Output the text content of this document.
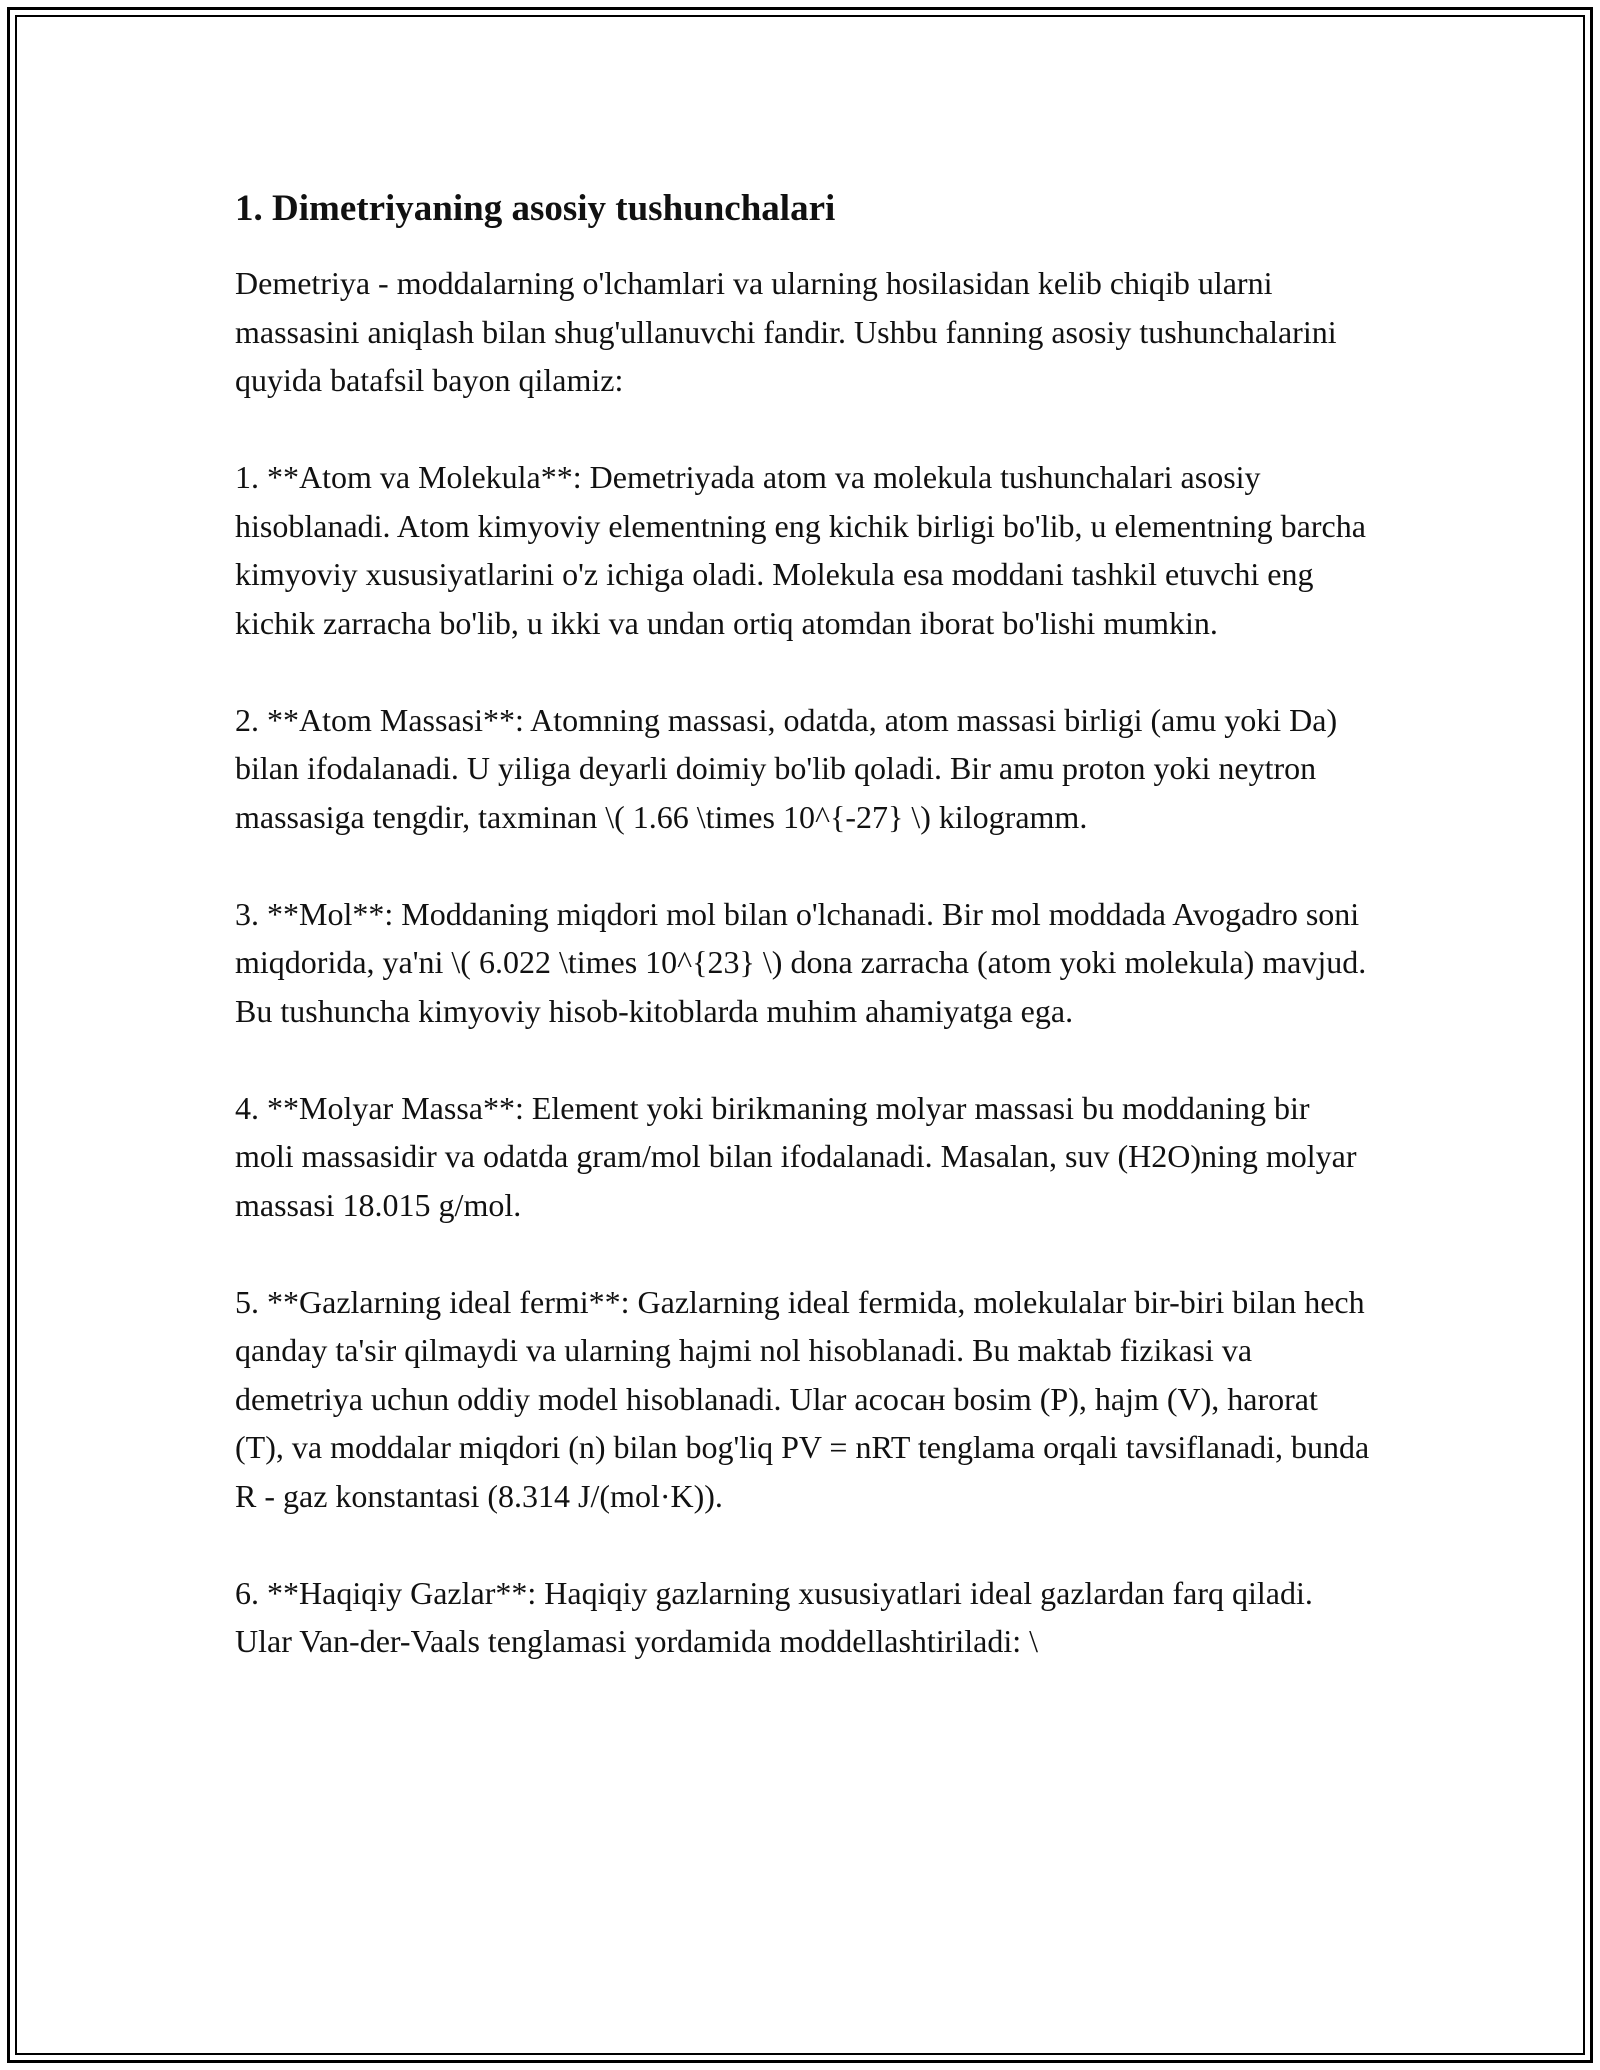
1. Dimetriyaning asosiy tushunchalari

Demetriya - moddalarning o'lchamlari va ularning hosilasidan kelib chiqib ularni massasini aniqlash bilan shug'ullanuvchi fandir. Ushbu fanning asosiy tushunchalarini quyida batafsil bayon qilamiz:

1. **Atom va Molekula**: Demetriyada atom va molekula tushunchalari asosiy hisoblanadi. Atom kimyoviy elementning eng kichik birligi bo'lib, u elementning barcha kimyoviy xususiyatlarini o'z ichiga oladi. Molekula esa moddani tashkil etuvchi eng kichik zarracha bo'lib, u ikki va undan ortiq atomdan iborat bo'lishi mumkin.

2. **Atom Massasi**: Atomning massasi, odatda, atom massasi birligi (amu yoki Da) bilan ifodalanadi. U yiliga deyarli doimiy bo'lib qoladi. Bir amu proton yoki neytron massasiga tengdir, taxminan \( 1.66 \times 10^{-27} \) kilogramm.

3. **Mol**: Moddaning miqdori mol bilan o'lchanadi. Bir mol moddada Avogadro soni miqdorida, ya'ni \( 6.022 \times 10^{23} \) dona zarracha (atom yoki molekula) mavjud. Bu tushuncha kimyoviy hisob-kitoblarda muhim ahamiyatga ega.

4. **Molyar Massa**: Element yoki birikmaning molyar massasi bu moddaning bir moli massasidir va odatda gram/mol bilan ifodalanadi. Masalan, suv (H2O)ning molyar massasi 18.015 g/mol.

5. **Gazlarning ideal fermi**: Gazlarning ideal fermida, molekulalar bir-biri bilan hech qanday ta'sir qilmaydi va ularning hajmi nol hisoblanadi. Bu maktab fizikasi va demetriya uchun oddiy model hisoblanadi. Ular асосан bosim (P), hajm (V), harorat (T), va moddalar miqdori (n) bilan bog'liq PV = nRT tenglama orqali tavsiflanadi, bunda R - gaz konstantasi (8.314 J/(mol·K)).

6. **Haqiqiy Gazlar**: Haqiqiy gazlarning xususiyatlari ideal gazlardan farq qiladi. Ular Van-der-Vaals tenglamasi yordamida moddellashtiriladi: \
